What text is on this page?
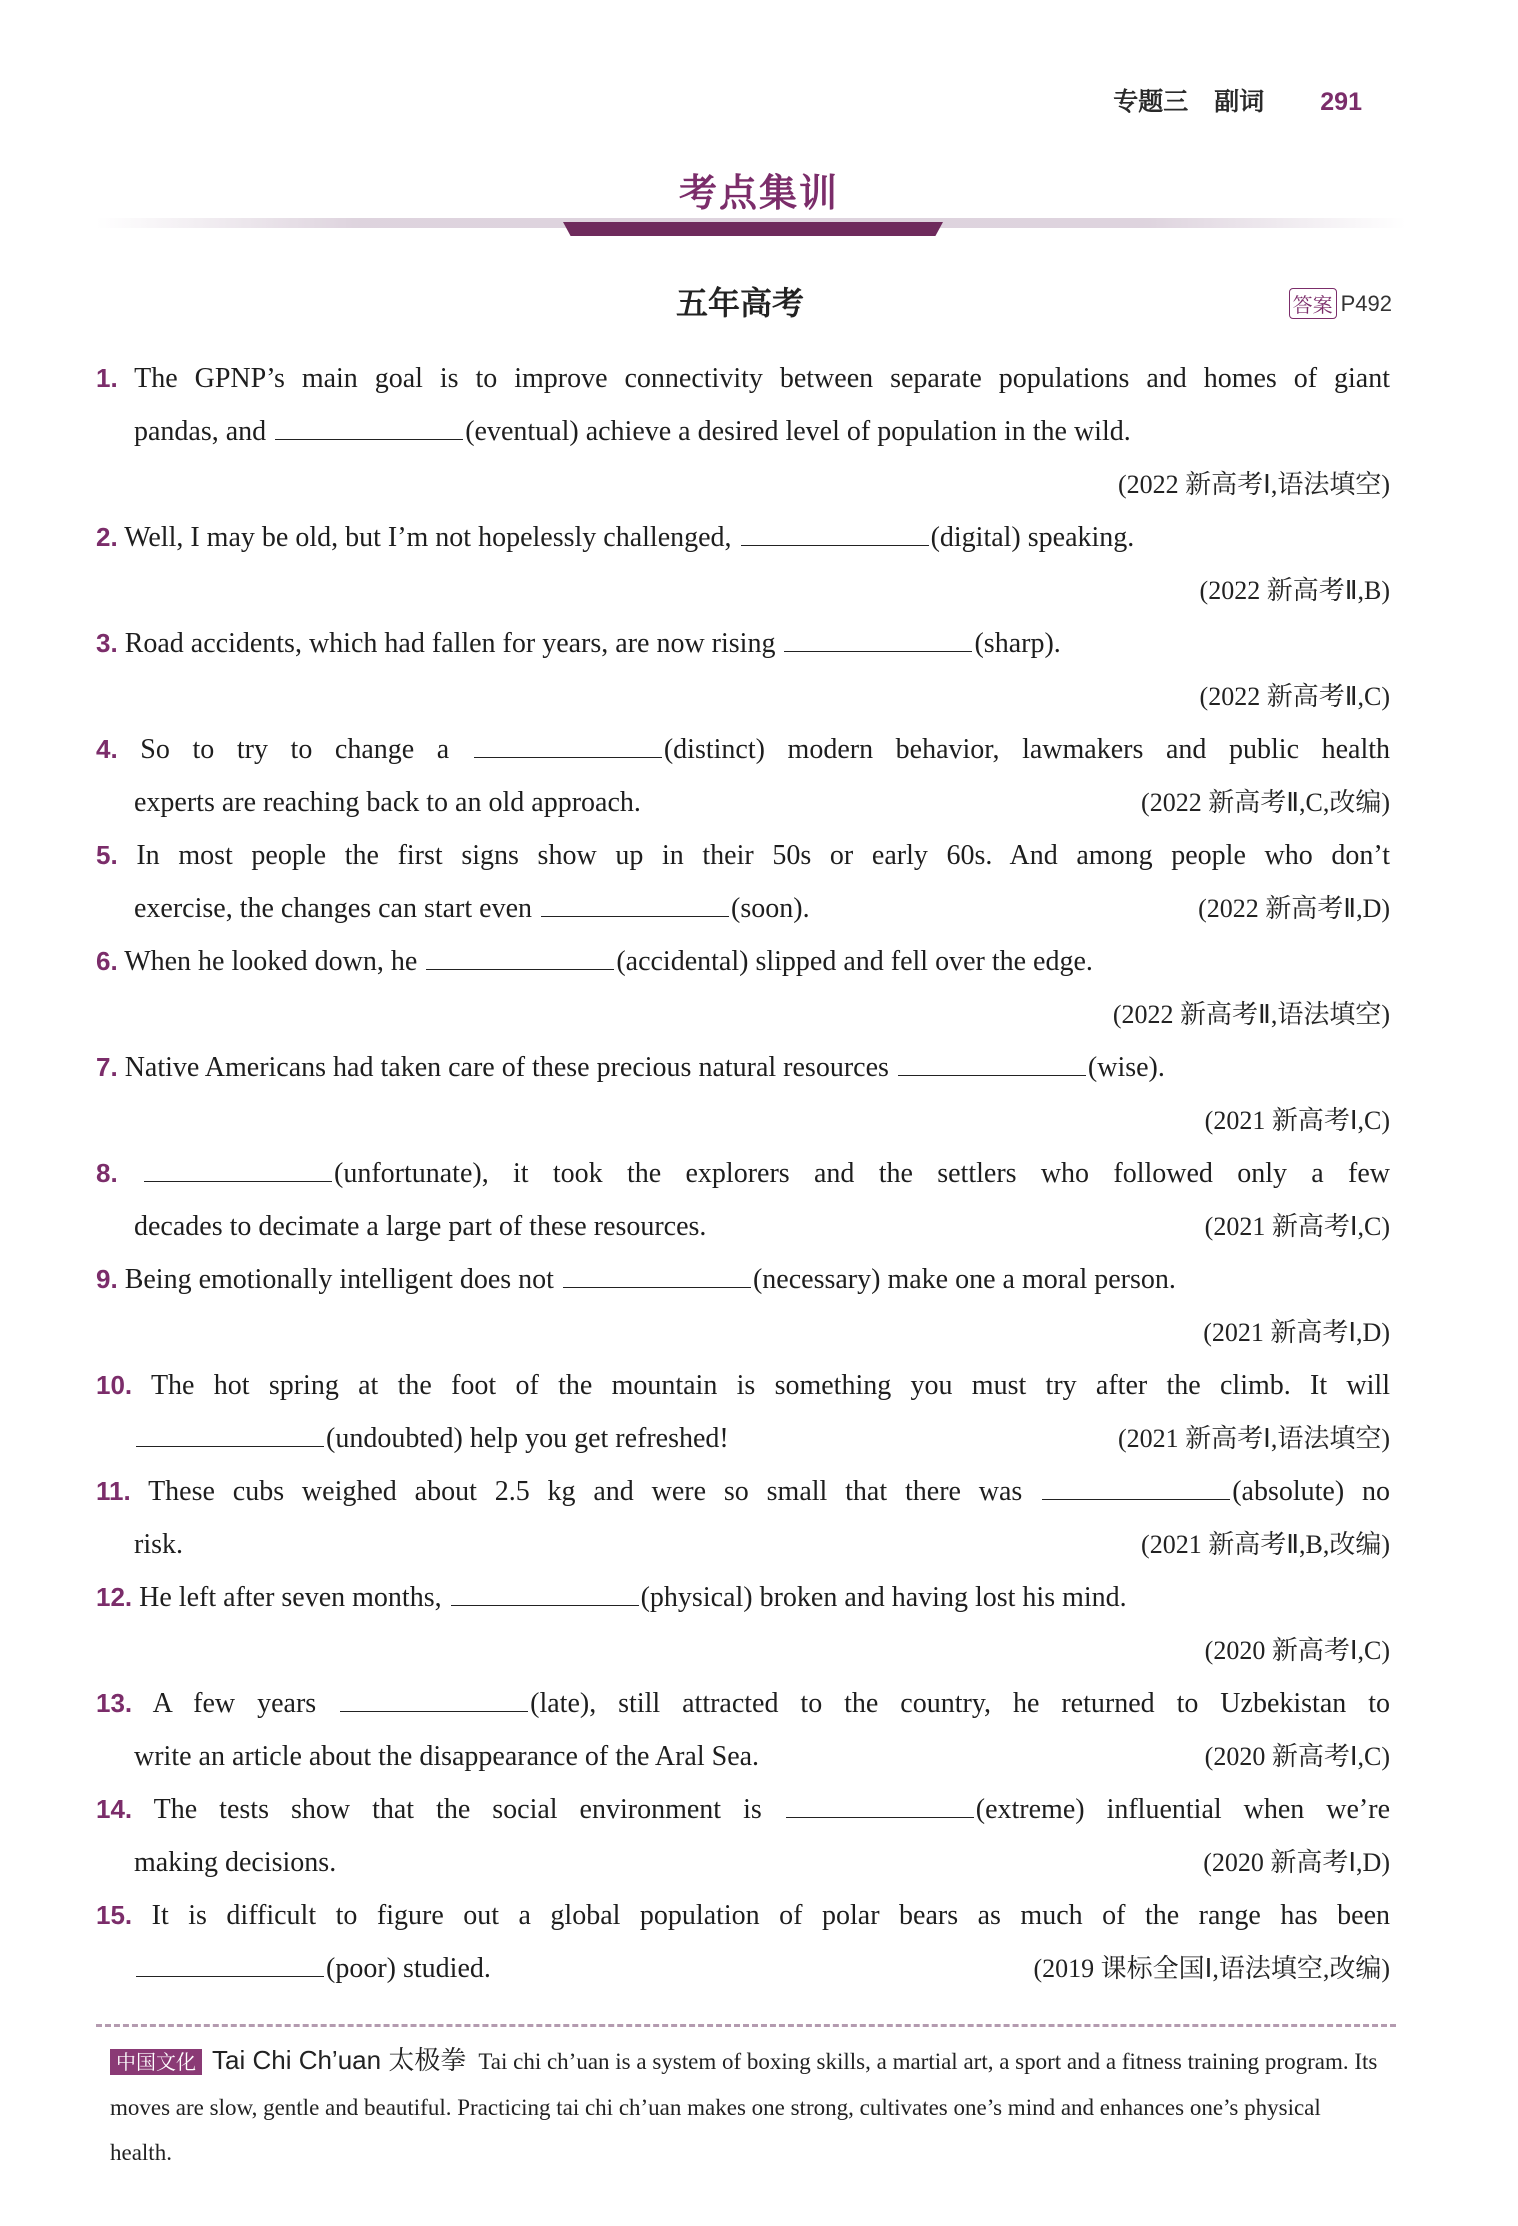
专题三 副词 291
考点集训
五年高考	答案 P492
1. The GPNP’s main goal is to improve connectivity between separate populations and homes of giant
pandas, and	(eventual) achieve a desired level of population in the wild.
(2022 新高考Ⅰ,语法填空)
2. Well, I may be old, but I’m not hopelessly challenged,	(digital) speaking.
(2022 新高考Ⅱ,B)
3. Road accidents, which had fallen for years, are now rising	(sharp).
(2022 新高考Ⅱ,C)
4. So to try to change a	(distinct) modern behavior, lawmakers and public health
experts are reaching back to an old approach.	(2022 新高考Ⅱ,C,改编)
5. In most people the first signs show up in their 50s or early 60s. And among people who don’t
exercise, the changes can start even	(soon).	(2022 新高考Ⅱ,D)
6. When he looked down, he	(accidental) slipped and fell over the edge.
(2022 新高考Ⅱ,语法填空)
7. Native Americans had taken care of these precious natural resources	(wise).
(2021 新高考Ⅰ,C)
8.	(unfortunate), it took the explorers and the settlers who followed only a few
decades to decimate a large part of these resources.	(2021 新高考Ⅰ,C)
9. Being emotionally intelligent does not	(necessary) make one a moral person.
(2021 新高考Ⅰ,D)
10. The hot spring at the foot of the mountain is something you must try after the climb. It will
(undoubted) help you get refreshed!	(2021 新高考Ⅰ,语法填空)
11. These cubs weighed about 2.5 kg and were so small that there was	(absolute) no
risk.	(2021 新高考Ⅱ,B,改编)
12. He left after seven months,	(physical) broken and having lost his mind.
(2020 新高考Ⅰ,C)
13. A few years	(late), still attracted to the country, he returned to Uzbekistan to
write an article about the disappearance of the Aral Sea.	(2020 新高考Ⅰ,C)
14. The tests show that the social environment is	(extreme) influential when we’re
making decisions.	(2020 新高考Ⅰ,D)
15. It is difficult to figure out a global population of polar bears as much of the range has been
(poor) studied.	(2019 课标全国Ⅰ,语法填空,改编)
中国文化 Tai Chi Ch’uan 太极拳 Tai chi ch’uan is a system of boxing skills, a martial art, a sport and a fitness training program. Its moves are slow, gentle and beautiful. Practicing tai chi ch’uan makes one strong, cultivates one’s mind and enhances one’s physical health.
